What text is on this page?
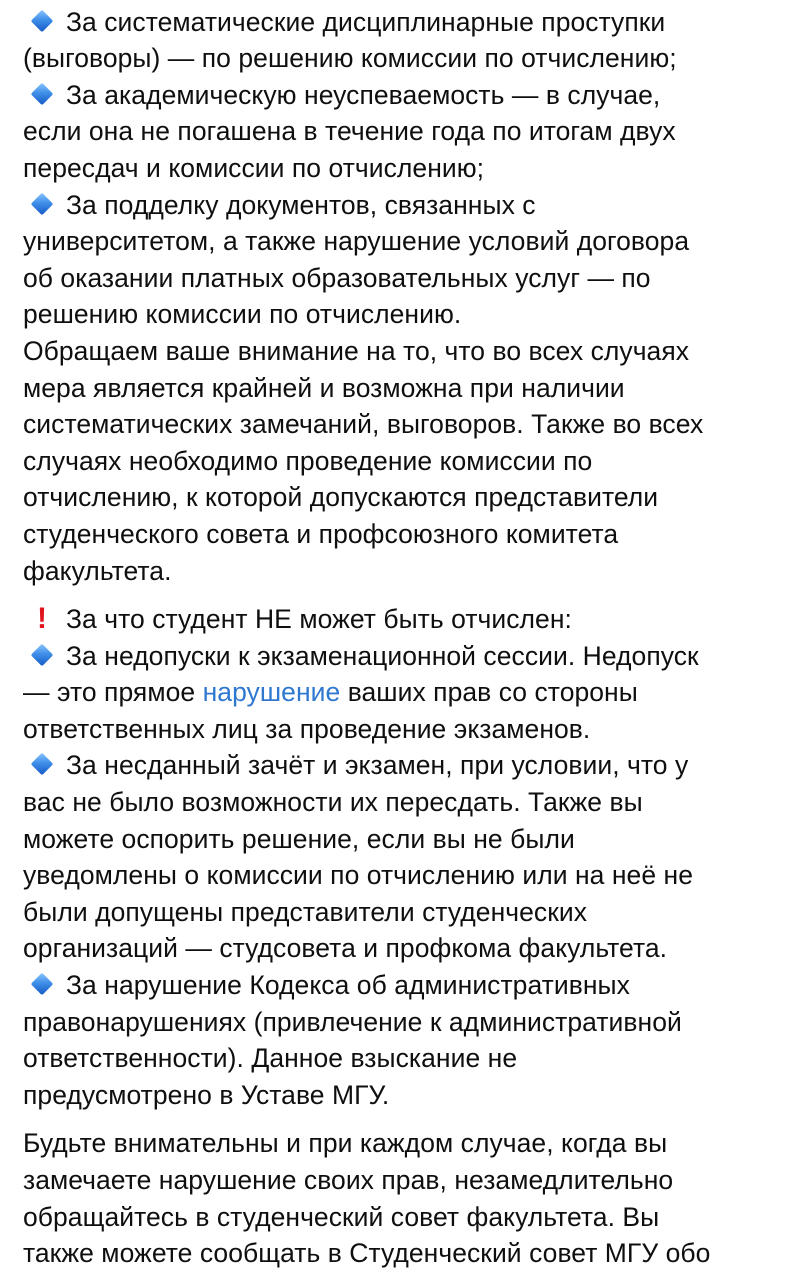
За систематические дисциплинарные проступки
(выговоры) — по решению комиссии по отчислению;
За академическую неуспеваемость — в случае,
если она не погашена в течение года по итогам двух
пересдач и комиссии по отчислению;
За подделку документов, связанных с
университетом, а также нарушение условий договора
об оказании платных образовательных услуг — по
решению комиссии по отчислению.

Обращаем ваше внимание на то, что во всех случаях
мера является крайней и возможна при наличии
систематических замечаний, выговоров. Также во всех
случаях необходимо проведение комиссии по
отчислению, к которой допускаются представители
студенческого совета и профсоюзного комитета
факультета.

! За что студент НЕ может быть отчислен:
За недопуски к экзаменационной сессии. Недопуск
— это прямое нарушение ваших прав со стороны
ответственных лиц за проведение экзаменов.
За несданный зачёт и экзамен, при условии, что у
вас не было возможности их пересдать. Также вы
можете оспорить решение, если вы не были
уведомлены о комиссии по отчислению или на неё не
были допущены представители студенческих
организаций — студсовета и профкома факультета.
За нарушение Кодекса об административных
правонарушениях (привлечение к административной
ответственности). Данное взыскание не
предусмотрено в Уставе МГУ.

Будьте внимательны и при каждом случае, когда вы
замечаете нарушение своих прав, незамедлительно
обращайтесь в студенческий совет факультета. Вы
также можете сообщать в Студенческий совет МГУ обо
